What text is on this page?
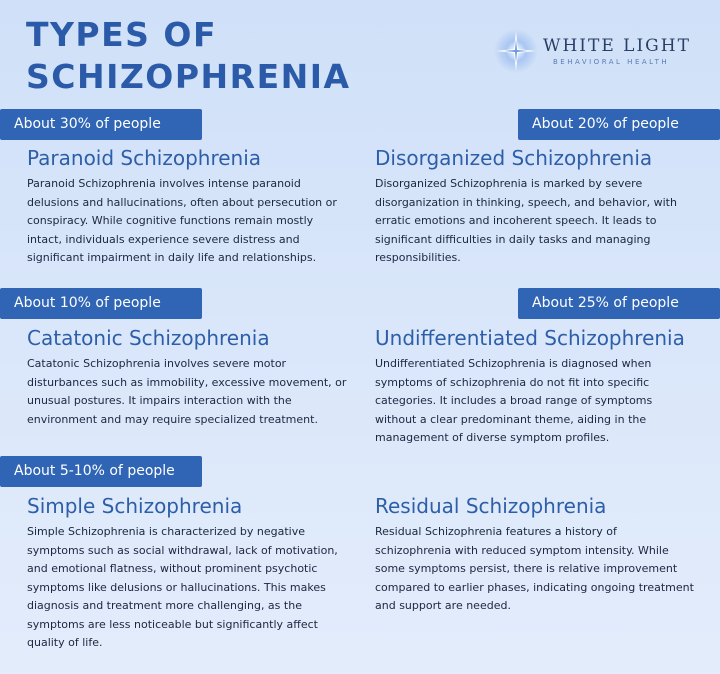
TYPES OF
SCHIZOPHRENIA
WHITE LIGHT
BEHAVIORAL HEALTH
About 30% of people
Paranoid Schizophrenia
Paranoid Schizophrenia involves intense paranoid delusions and hallucinations, often about persecution or conspiracy. While cognitive functions remain mostly intact, individuals experience severe distress and significant impairment in daily life and relationships.
About 20% of people
Disorganized Schizophrenia
Disorganized Schizophrenia is marked by severe disorganization in thinking, speech, and behavior, with erratic emotions and incoherent speech. It leads to significant difficulties in daily tasks and managing responsibilities.
About 10% of people
Catatonic Schizophrenia
Catatonic Schizophrenia involves severe motor disturbances such as immobility, excessive movement, or unusual postures. It impairs interaction with the environment and may require specialized treatment.
About 25% of people
Undifferentiated Schizophrenia
Undifferentiated Schizophrenia is diagnosed when symptoms of schizophrenia do not fit into specific categories. It includes a broad range of symptoms without a clear predominant theme, aiding in the management of diverse symptom profiles.
About 5-10% of people
Simple Schizophrenia
Simple Schizophrenia is characterized by negative symptoms such as social withdrawal, lack of motivation, and emotional flatness, without prominent psychotic symptoms like delusions or hallucinations. This makes diagnosis and treatment more challenging, as the symptoms are less noticeable but significantly affect quality of life.
Residual Schizophrenia
Residual Schizophrenia features a history of schizophrenia with reduced symptom intensity. While some symptoms persist, there is relative improvement compared to earlier phases, indicating ongoing treatment and support are needed.
